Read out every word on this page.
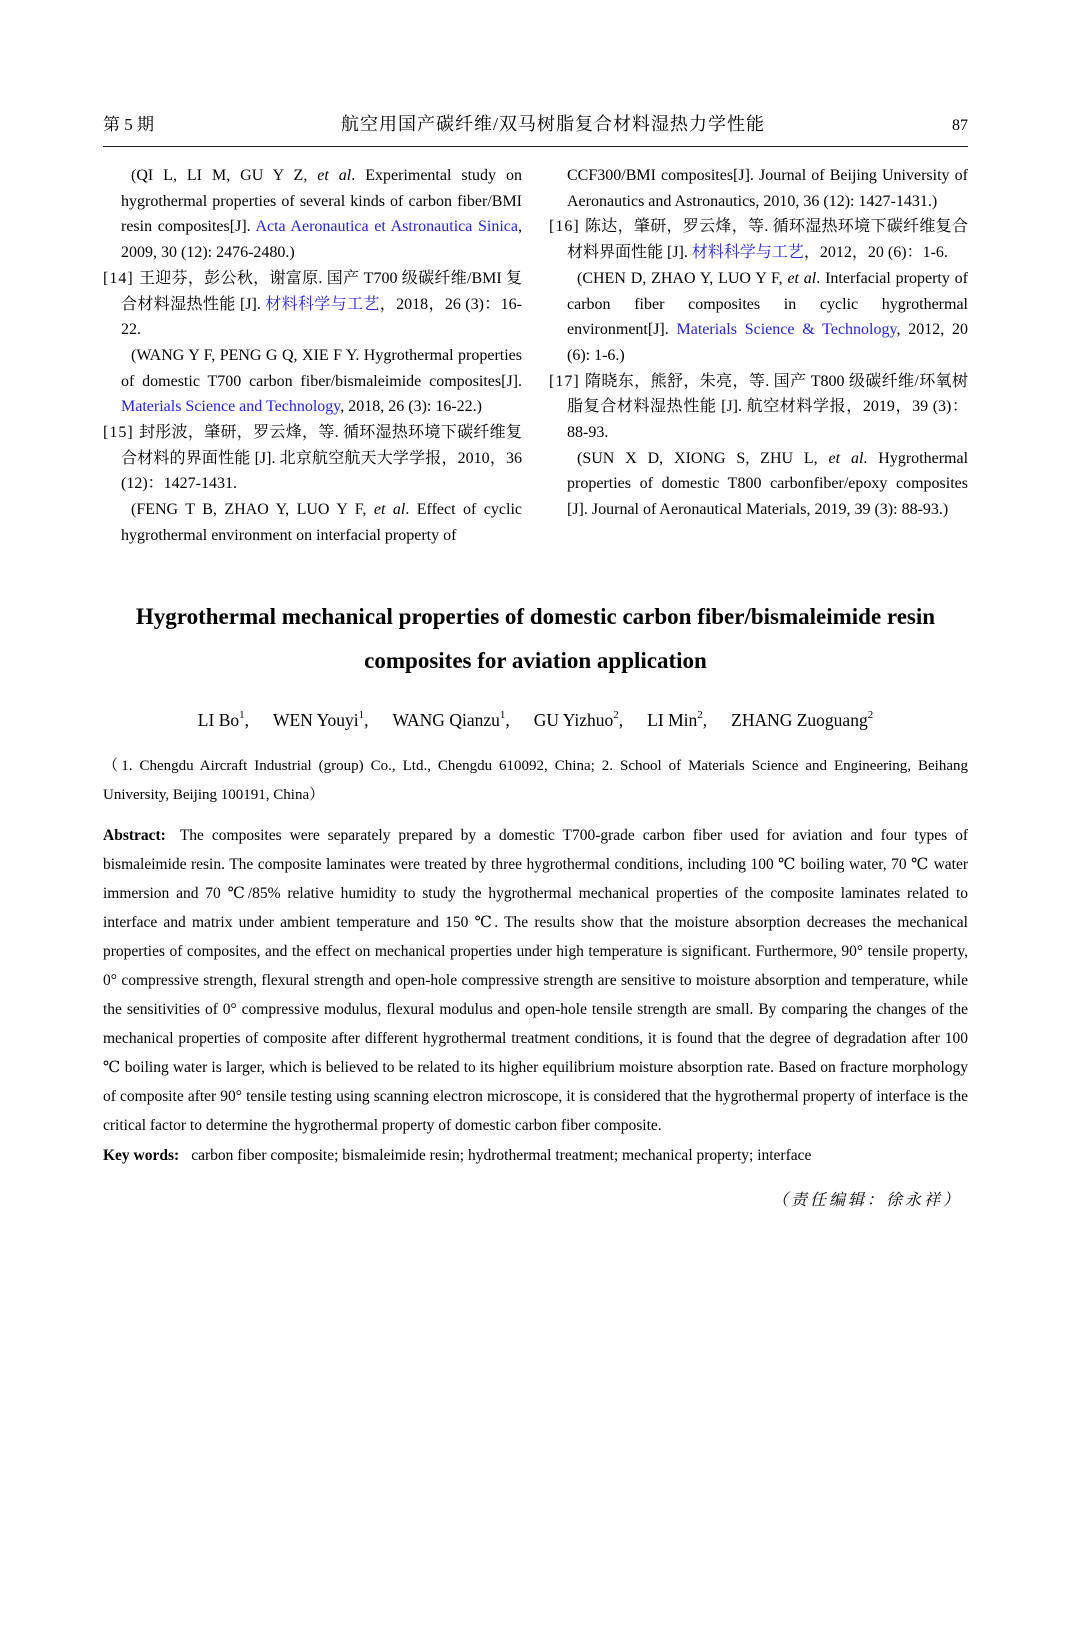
第 5 期	航空用国产碳纤维/双马树脂复合材料湿热力学性能	87

(QI L, LI M, GU Y Z, et al. Experimental study on hygrothermal properties of several kinds of carbon fiber/BMI resin composites[J]. Acta Aeronautica et Astronautica Sinica, 2009, 30 (12): 2476-2480.)

[14] 王迎芬，彭公秋，谢富原. 国产 T700 级碳纤维/BMI 复合材料湿热性能 [J]. 材料科学与工艺，2018，26 (3)：16-22.

(WANG Y F, PENG G Q, XIE F Y. Hygrothermal properties of domestic T700 carbon fiber/bismaleimide composites[J]. Materials Science and Technology, 2018, 26 (3): 16-22.)

[15] 封彤波，肇研，罗云烽，等. 循环湿热环境下碳纤维复合材料的界面性能 [J]. 北京航空航天大学学报，2010，36 (12)：1427-1431.

(FENG T B, ZHAO Y, LUO Y F, et al. Effect of cyclic hygrothermal environment on interfacial property of

CCF300/BMI composites[J]. Journal of Beijing University of Aeronautics and Astronautics, 2010, 36 (12): 1427-1431.)

[16] 陈达，肇研，罗云烽，等. 循环湿热环境下碳纤维复合材料界面性能 [J]. 材料科学与工艺，2012，20 (6)：1-6.

(CHEN D, ZHAO Y, LUO Y F, et al. Interfacial property of carbon fiber composites in cyclic hygrothermal environment[J]. Materials Science & Technology, 2012, 20 (6): 1-6.)

[17] 隋晓东，熊舒，朱亮，等. 国产 T800 级碳纤维/环氧树脂复合材料湿热性能 [J]. 航空材料学报，2019，39 (3)：88-93.

(SUN X D, XIONG S, ZHU L, et al. Hygrothermal properties of domestic T800 carbonfiber/epoxy composites [J]. Journal of Aeronautical Materials, 2019, 39 (3): 88-93.)

Hygrothermal mechanical properties of domestic carbon fiber/bismaleimide resin
composites for aviation application
LI Bo$^1$, WEN Youyi$^1$, WANG Qianzu$^1$, GU Yizhuo$^2$, LI Min$^2$, ZHANG Zuoguang$^2$

（1. Chengdu Aircraft Industrial (group) Co., Ltd., Chengdu 610092, China; 2. School of Materials Science and Engineering, Beihang University, Beijing 100191, China）

Abstract: The composites were separately prepared by a domestic T700-grade carbon fiber used for aviation and four types of bismaleimide resin. The composite laminates were treated by three hygrothermal conditions, including 100 ℃ boiling water, 70 ℃ water immersion and 70 ℃/85% relative humidity to study the hygrothermal mechanical properties of the composite laminates related to interface and matrix under ambient temperature and 150 ℃. The results show that the moisture absorption decreases the mechanical properties of composites, and the effect on mechanical properties under high temperature is significant. Furthermore, 90° tensile property, 0° compressive strength, flexural strength and open-hole compressive strength are sensitive to moisture absorption and temperature, while the sensitivities of 0° compressive modulus, flexural modulus and open-hole tensile strength are small. By comparing the changes of the mechanical properties of composite after different hygrothermal treatment conditions, it is found that the degree of degradation after 100 ℃ boiling water is larger, which is believed to be related to its higher equilibrium moisture absorption rate. Based on fracture morphology of composite after 90° tensile testing using scanning electron microscope, it is considered that the hygrothermal property of interface is the critical factor to determine the hygrothermal property of domestic carbon fiber composite.

Key words: carbon fiber composite; bismaleimide resin; hydrothermal treatment; mechanical property; interface

（责任编辑：徐永祥）
